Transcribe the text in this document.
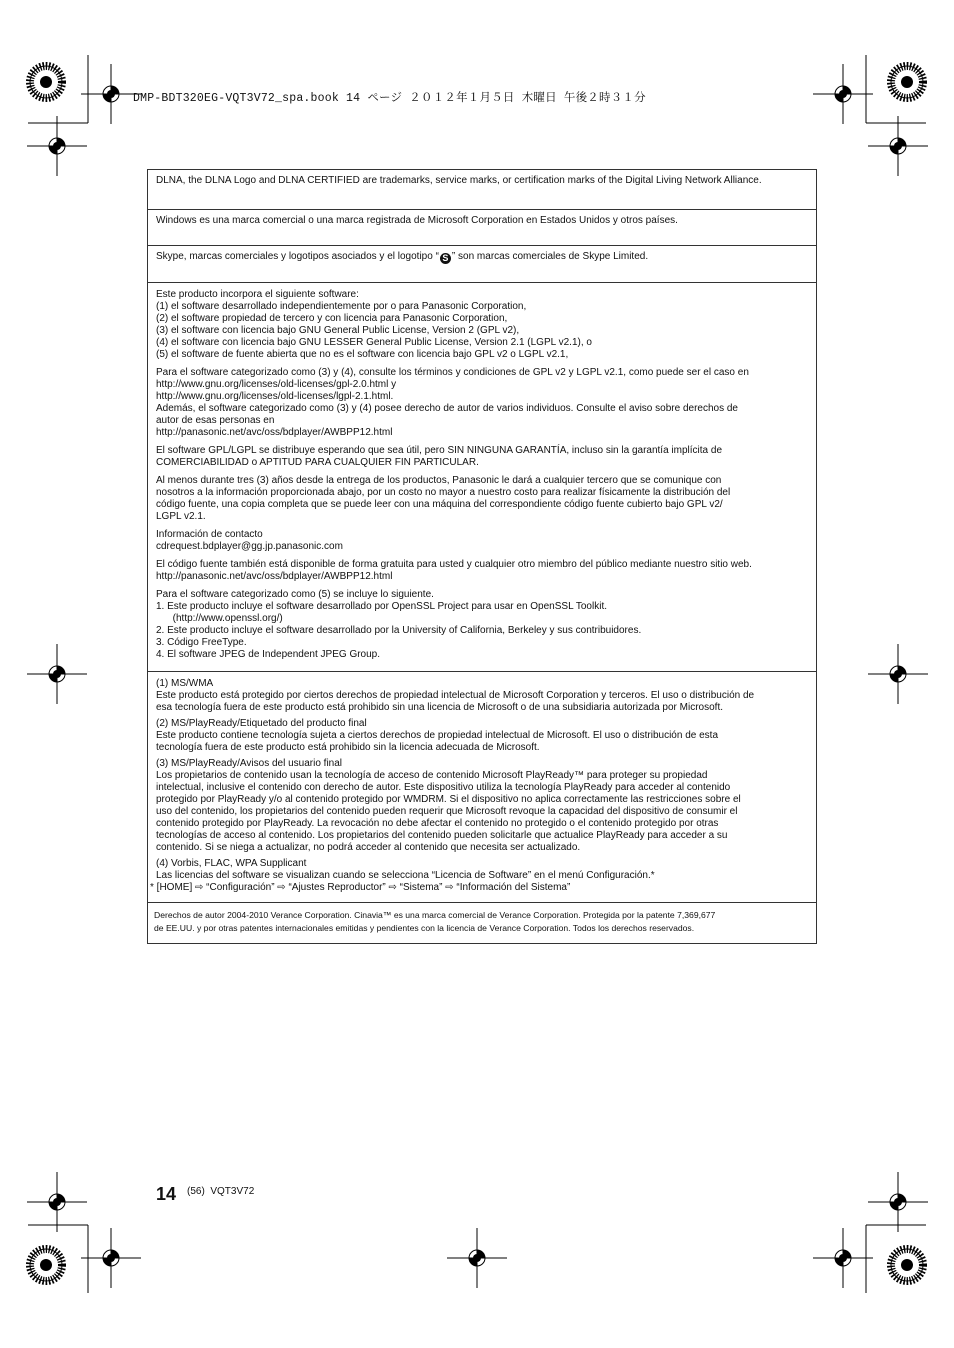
DMP-BDT320EG-VQT3V72_spa.book 14 ページ ２０１２年１月５日 木曜日 午後２時３１分

DLNA, the DLNA Logo and DLNA CERTIFIED are trademarks, service marks, or certification marks of the Digital Living Network Alliance.

Windows es una marca comercial o una marca registrada de Microsoft Corporation en Estados Unidos y otros países.

Skype, marcas comerciales y logotipos asociados y el logotipo “ S ” son marcas comerciales de Skype Limited.

Este producto incorpora el siguiente software:

(1) el software desarrollado independientemente por o para Panasonic Corporation,
(2) el software propiedad de tercero y con licencia para Panasonic Corporation,
(3) el software con licencia bajo GNU General Public License, Version 2 (GPL v2),
(4) el software con licencia bajo GNU LESSER General Public License, Version 2.1 (LGPL v2.1), o
(5) el software de fuente abierta que no es el software con licencia bajo GPL v2 o LGPL v2.1,

Para el software categorizado como (3) y (4), consulte los términos y condiciones de GPL v2 y LGPL v2.1, como puede ser el caso en

http://www.gnu.org/licenses/old-licenses/gpl-2.0.html y

http://www.gnu.org/licenses/old-licenses/lgpl-2.1.html.

Además, el software categorizado como (3) y (4) posee derecho de autor de varios individuos. Consulte el aviso sobre derechos de

autor de esas personas en

http://panasonic.net/avc/oss/bdplayer/AWBPP12.html

El software GPL/LGPL se distribuye esperando que sea útil, pero SIN NINGUNA GARANTÍA, incluso sin la garantía implícita de

COMERCIABILIDAD o APTITUD PARA CUALQUIER FIN PARTICULAR.

Al menos durante tres (3) años desde la entrega de los productos, Panasonic le dará a cualquier tercero que se comunique con

nosotros a la información proporcionada abajo, por un costo no mayor a nuestro costo para realizar físicamente la distribución del

código fuente, una copia completa que se puede leer con una máquina del correspondiente código fuente cubierto bajo GPL v2/

LGPL v2.1.

Información de contacto

cdrequest.bdplayer@gg.jp.panasonic.com

El código fuente también está disponible de forma gratuita para usted y cualquier otro miembro del público mediante nuestro sitio web.

http://panasonic.net/avc/oss/bdplayer/AWBPP12.html

Para el software categorizado como (5) se incluye lo siguiente.

1. Este producto incluye el software desarrollado por OpenSSL Project para usar en OpenSSL Toolkit.

(http://www.openssl.org/)

2. Este producto incluye el software desarrollado por la University of California, Berkeley y sus contribuidores.

3. Código FreeType.

4. El software JPEG de Independent JPEG Group.

(1) MS/WMA

Este producto está protegido por ciertos derechos de propiedad intelectual de Microsoft Corporation y terceros. El uso o distribución de

esa tecnología fuera de este producto está prohibido sin una licencia de Microsoft o de una subsidiaria autorizada por Microsoft.

(2) MS/PlayReady/Etiquetado del producto final

Este producto contiene tecnología sujeta a ciertos derechos de propiedad intelectual de Microsoft. El uso o distribución de esta

tecnología fuera de este producto está prohibido sin la licencia adecuada de Microsoft.

(3) MS/PlayReady/Avisos del usuario final

Los propietarios de contenido usan la tecnología de acceso de contenido Microsoft PlayReady™ para proteger su propiedad

intelectual, inclusive el contenido con derecho de autor. Este dispositivo utiliza la tecnología PlayReady para acceder al contenido

protegido por PlayReady y/o al contenido protegido por WMDRM. Si el dispositivo no aplica correctamente las restricciones sobre el

uso del contenido, los propietarios del contenido pueden requerir que Microsoft revoque la capacidad del dispositivo de consumir el

contenido protegido por PlayReady. La revocación no debe afectar el contenido no protegido o el contenido protegido por otras

tecnologías de acceso al contenido. Los propietarios del contenido pueden solicitarle que actualice PlayReady para acceder a su

contenido. Si se niega a actualizar, no podrá acceder al contenido que necesita ser actualizado.

(4) Vorbis, FLAC, WPA Supplicant

Las licencias del software se visualizan cuando se selecciona “Licencia de Software” en el menú Configuración.*

* [HOME] ⇨ “Configuración” ⇨ “Ajustes Reproductor” ⇨ “Sistema” ⇨ “Información del Sistema”

Derechos de autor 2004-2010 Verance Corporation. Cinavia™ es una marca comercial de Verance Corporation. Protegida por la patente 7,369,677

de EE.UU. y por otras patentes internacionales emitidas y pendientes con la licencia de Verance Corporation. Todos los derechos reservados.

14 (56)  VQT3V72
